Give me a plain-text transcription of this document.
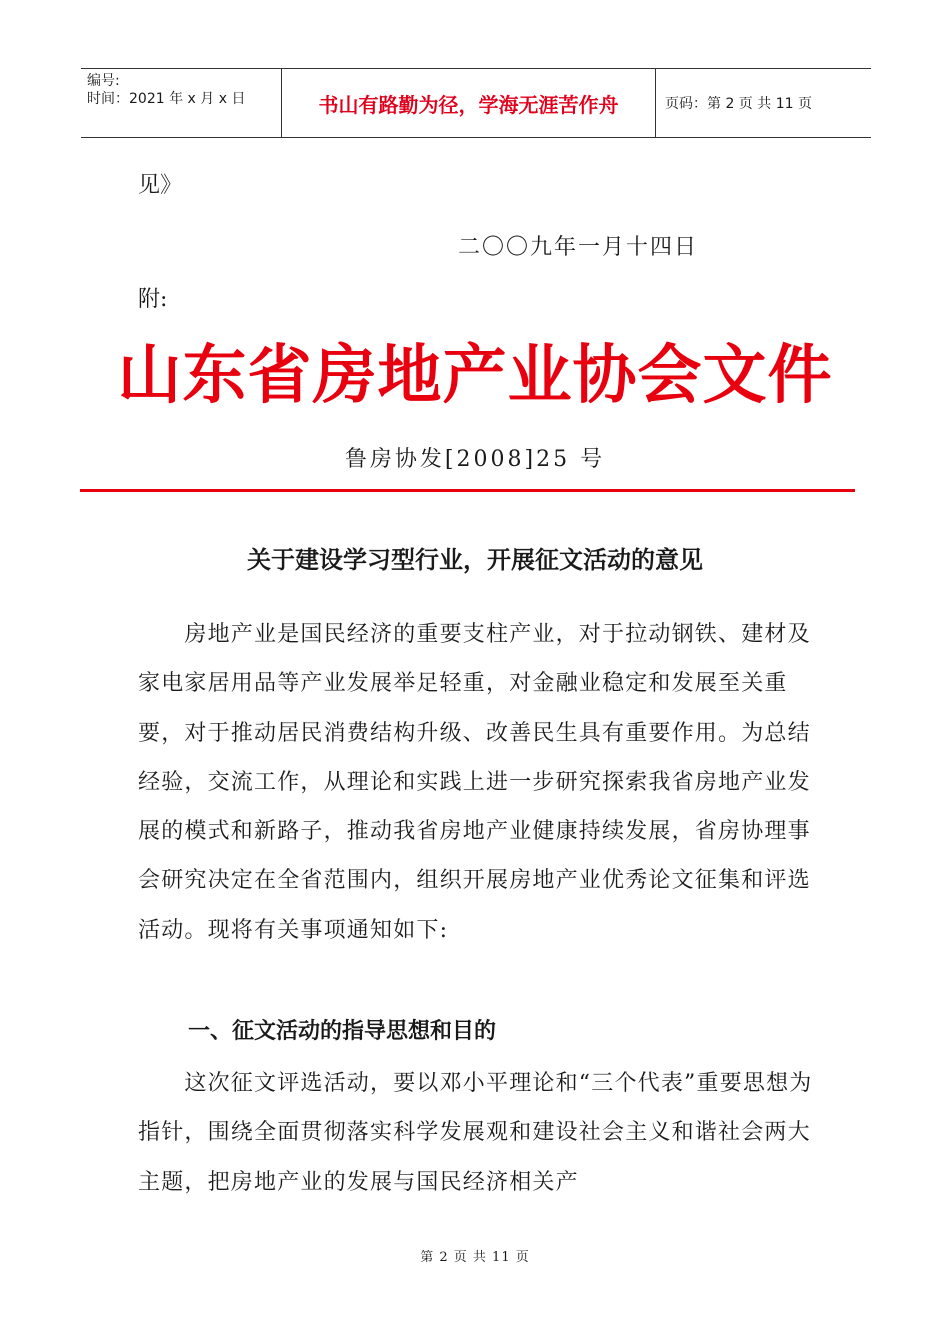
编号:
时间：2021 年 x 月 x 日	书山有路勤为径，学海无涯苦作舟	页码：第 2 页 共 11 页
见》
二〇〇九年一月十四日
附:
山东省房地产业协会文件
鲁房协发[2008]25 号
关于建设学习型行业，开展征文活动的意见

　　房地产业是国民经济的重要支柱产业，对于拉动钢铁、建材及家电家居用品等产业发展举足轻重，对金融业稳定和发展至关重要，对于推动居民消费结构升级、改善民生具有重要作用。为总结经验，交流工作，从理论和实践上进一步研究探索我省房地产业发展的模式和新路子，推动我省房地产业健康持续发展，省房协理事会研究决定在全省范围内，组织开展房地产业优秀论文征集和评选活动。现将有关事项通知如下:

一、征文活动的指导思想和目的

　　这次征文评选活动，要以邓小平理论和“三个代表”重要思想为指针，围绕全面贯彻落实科学发展观和建设社会主义和谐社会两大主题，把房地产业的发展与国民经济相关产

第 2 页 共 11 页
